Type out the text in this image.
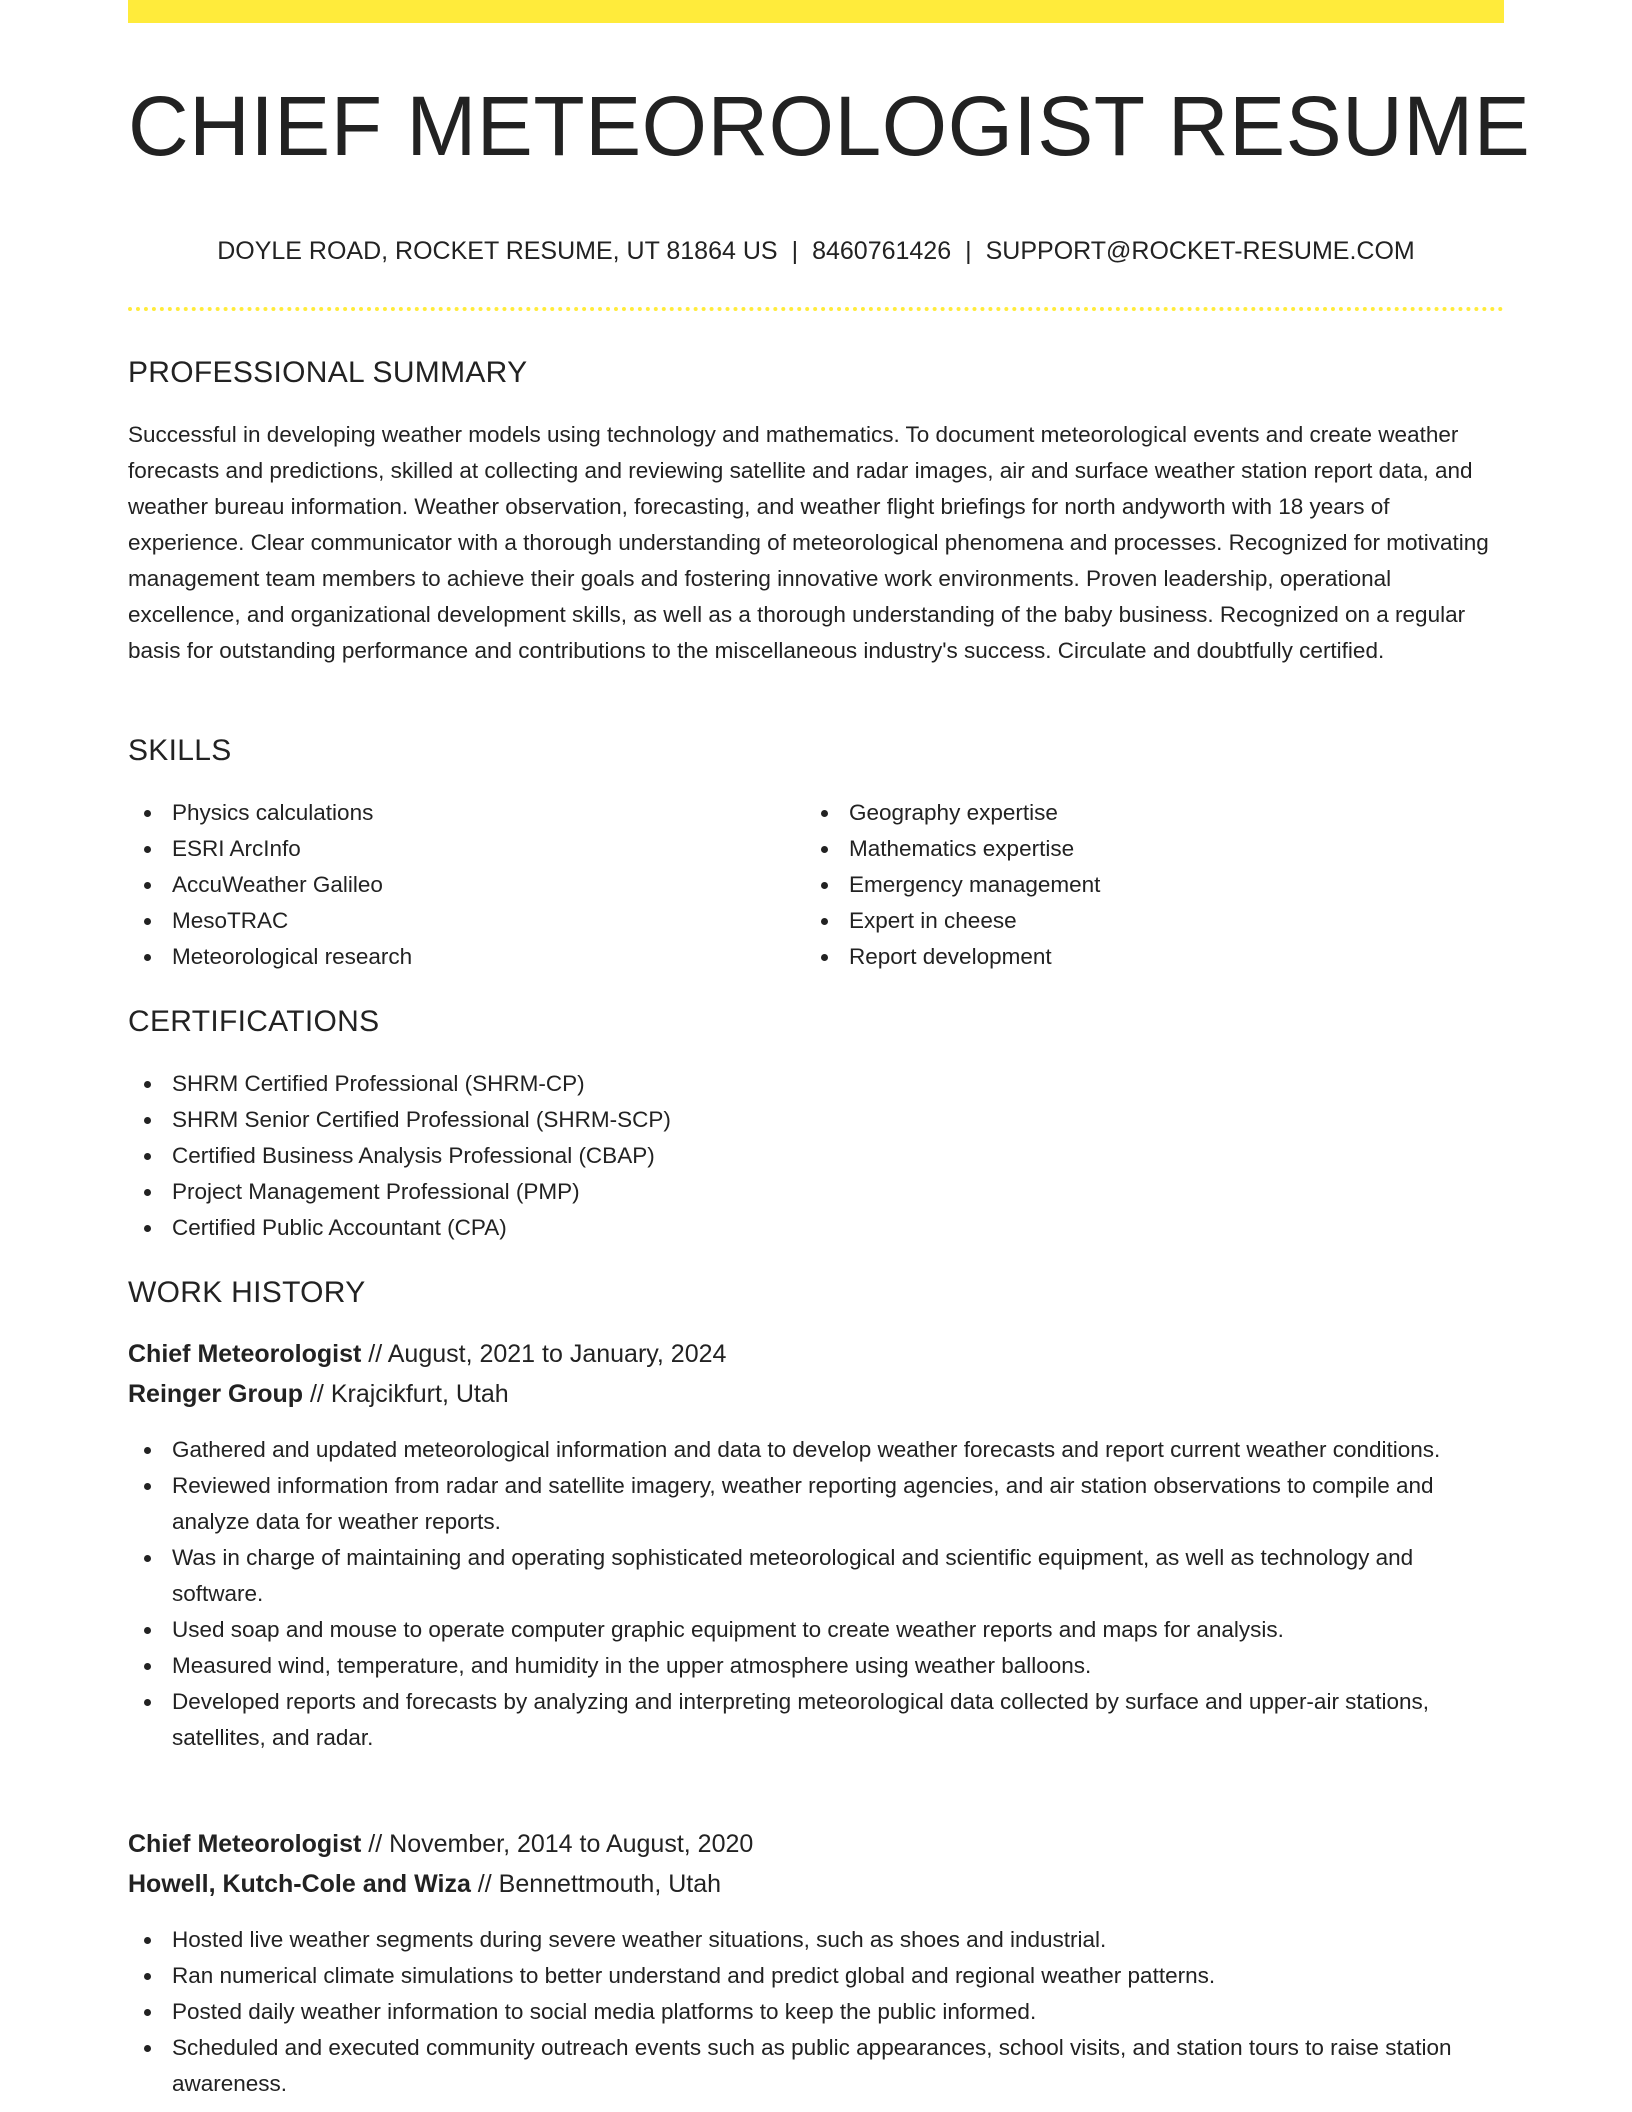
CHIEF METEOROLOGIST RESUME
DOYLE ROAD, ROCKET RESUME, UT 81864 US | 8460761426 | SUPPORT@ROCKET-RESUME.COM
PROFESSIONAL SUMMARY

Successful in developing weather models using technology and mathematics. To document meteorological events and create weather forecasts and predictions, skilled at collecting and reviewing satellite and radar images, air and surface weather station report data, and weather bureau information. Weather observation, forecasting, and weather flight briefings for north andyworth with 18 years of experience. Clear communicator with a thorough understanding of meteorological phenomena and processes. Recognized for motivating management team members to achieve their goals and fostering innovative work environments. Proven leadership, operational excellence, and organizational development skills, as well as a thorough understanding of the baby business. Recognized on a regular basis for outstanding performance and contributions to the miscellaneous industry's success. Circulate and doubtfully certified.

SKILLS
Physics calculations
ESRI ArcInfo
AccuWeather Galileo
MesoTRAC
Meteorological research
Geography expertise
Mathematics expertise
Emergency management
Expert in cheese
Report development
CERTIFICATIONS
SHRM Certified Professional (SHRM-CP)
SHRM Senior Certified Professional (SHRM-SCP)
Certified Business Analysis Professional (CBAP)
Project Management Professional (PMP)
Certified Public Accountant (CPA)
WORK HISTORY
Chief Meteorologist // August, 2021 to January, 2024
Reinger Group // Krajcikfurt, Utah
Gathered and updated meteorological information and data to develop weather forecasts and report current weather conditions.
Reviewed information from radar and satellite imagery, weather reporting agencies, and air station observations to compile and analyze data for weather reports.
Was in charge of maintaining and operating sophisticated meteorological and scientific equipment, as well as technology and software.
Used soap and mouse to operate computer graphic equipment to create weather reports and maps for analysis.
Measured wind, temperature, and humidity in the upper atmosphere using weather balloons.
Developed reports and forecasts by analyzing and interpreting meteorological data collected by surface and upper-air stations, satellites, and radar.
Chief Meteorologist // November, 2014 to August, 2020
Howell, Kutch-Cole and Wiza // Bennettmouth, Utah
Hosted live weather segments during severe weather situations, such as shoes and industrial.
Ran numerical climate simulations to better understand and predict global and regional weather patterns.
Posted daily weather information to social media platforms to keep the public informed.
Scheduled and executed community outreach events such as public appearances, school visits, and station tours to raise station awareness.
